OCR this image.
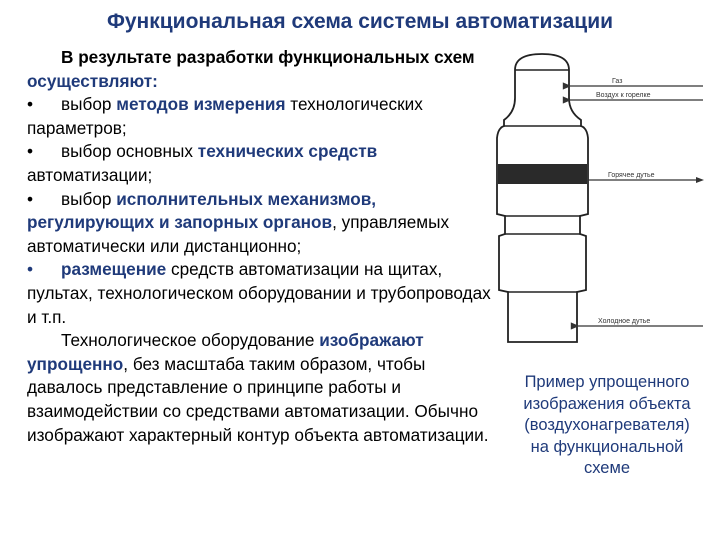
Функциональная схема системы автоматизации

В результате разработки функциональных схем осуществляют:

• выбор методов измерения технологических параметров;

• выбор основных технических средств автоматизации;

• выбор исполнительных механизмов, регулирующих и запорных органов, управляемых автоматически или дистанционно;

• размещение средств автоматизации на щитах, пультах, технологическом оборудовании и трубопроводах и т.п.

Технологическое оборудование изображают упрощенно, без масштаба таким образом, чтобы давалось представление о принципе работы и взаимодействии со средствами автоматизации. Обычно изображают характерный контур объекта автоматизации.

Газ
Воздух к горелке
Горячее дутье
Холодное дутье
Пример упрощенного
изображения объекта
(воздухонагревателя)
на функциональной
схеме
